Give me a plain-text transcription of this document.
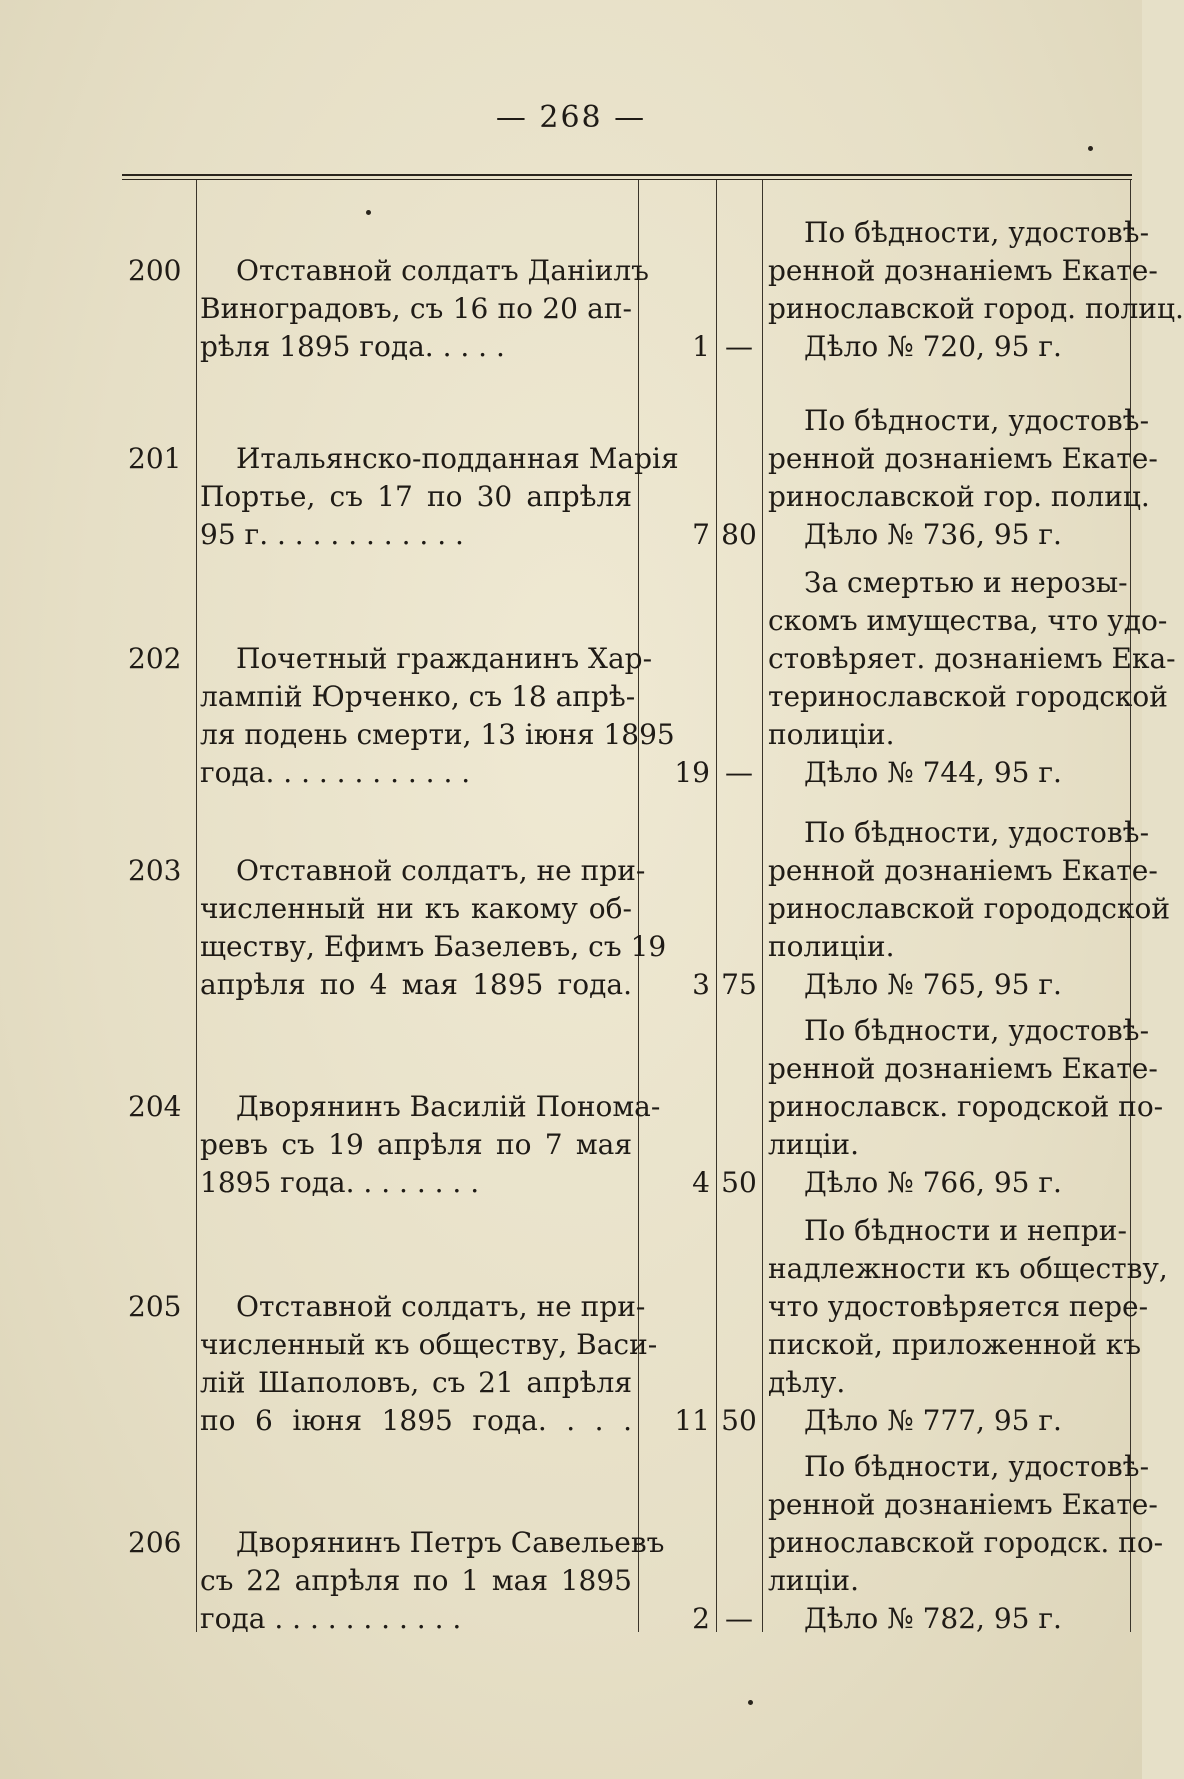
— 268 —
200	Отставной солдатъ Даніилъ
Виноградовъ, съ 16 по 20 ап-
рѣля 1895 года. . . . .	1 —
По бѣдности, удостовѣ-
ренной дознаніемъ Екате-
ринославской город. полиц.
Дѣло № 720, 95 г.
201	Итальянско-подданная Марія
Портье, съ 17 по 30 апрѣля
95 г. . . . . . . . . . . .	7 80
По бѣдности, удостовѣ-
ренной дознаніемъ Екате-
ринославской гор. полиц.
Дѣло № 736, 95 г.
202	Почетный гражданинъ Хар-
лампій Юрченко, съ 18 апрѣ-
ля подень смерти, 13 іюня 1895
года. . . . . . . . . . . .	19 —
За смертью и нерозы-
скомъ имущества, что удо-
стовѣряет. дознаніемъ Ека-
теринославской городской
полиціи.
Дѣло № 744, 95 г.
203	Отставной солдатъ, не при-
численный ни къ какому об-
ществу, Ефимъ Базелевъ, съ 19
апрѣля по 4 мая 1895 года.	3 75
По бѣдности, удостовѣ-
ренной дознаніемъ Екате-
ринославской горододской
полиціи.
Дѣло № 765, 95 г.
204	Дворянинъ Василій Понома-
ревъ съ 19 апрѣля по 7 мая
1895 года. . . . . . . .	4 50
По бѣдности, удостовѣ-
ренной дознаніемъ Екате-
ринославск. городской по-
лиціи.
Дѣло № 766, 95 г.
205	Отставной солдатъ, не при-
численный къ обществу, Васи-
лій Шаполовъ, съ 21 апрѣля
по 6 іюня 1895 года. . . .	11 50
По бѣдности и непри-
надлежности къ обществу,
что удостовѣряется пере-
пиской, приложенной къ
дѣлу.
Дѣло № 777, 95 г.
206	Дворянинъ Петръ Савельевъ
съ 22 апрѣля по 1 мая 1895
года . . . . . . . . . . .	2 —
По бѣдности, удостовѣ-
ренной дознаніемъ Екате-
ринославской городск. по-
лиціи.
Дѣло № 782, 95 г.
